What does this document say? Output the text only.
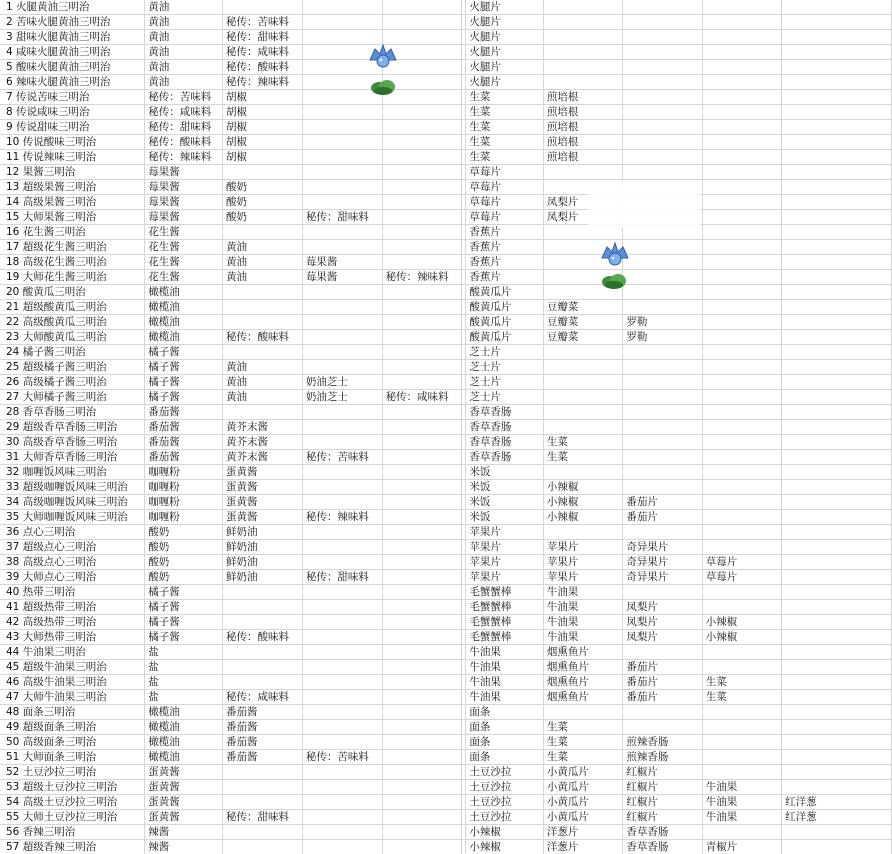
1 火腿黄油三明治	黄油					火腿片				
2 苦味火腿黄油三明治	黄油	秘传：苦味料				火腿片				
3 甜味火腿黄油三明治	黄油	秘传：甜味料				火腿片				
4 咸味火腿黄油三明治	黄油	秘传：咸味料				火腿片				
5 酸味火腿黄油三明治	黄油	秘传：酸味料				火腿片				
6 辣味火腿黄油三明治	黄油	秘传：辣味料				火腿片				
7 传说苦味三明治	秘传：苦味料	胡椒				生菜	煎培根			
8 传说咸味三明治	秘传：咸味料	胡椒				生菜	煎培根			
9 传说甜味三明治	秘传：甜味料	胡椒				生菜	煎培根			
10 传说酸味三明治	秘传：酸味料	胡椒				生菜	煎培根			
11 传说辣味三明治	秘传：辣味料	胡椒				生菜	煎培根			
12 果酱三明治	莓果酱					草莓片				
13 超级果酱三明治	莓果酱	酸奶				草莓片				
14 高级果酱三明治	莓果酱	酸奶				草莓片	凤梨片			
15 大师果酱三明治	莓果酱	酸奶	秘传：甜味料			草莓片	凤梨片			
16 花生酱三明治	花生酱					香蕉片				
17 超级花生酱三明治	花生酱	黄油				香蕉片				
18 高级花生酱三明治	花生酱	黄油	莓果酱			香蕉片				
19 大师花生酱三明治	花生酱	黄油	莓果酱	秘传：辣味料		香蕉片				
20 酸黄瓜三明治	橄榄油					酸黄瓜片				
21 超级酸黄瓜三明治	橄榄油					酸黄瓜片	豆瓣菜			
22 高级酸黄瓜三明治	橄榄油					酸黄瓜片	豆瓣菜	罗勒		
23 大师酸黄瓜三明治	橄榄油	秘传：酸味料				酸黄瓜片	豆瓣菜	罗勒		
24 橘子酱三明治	橘子酱					芝士片				
25 超级橘子酱三明治	橘子酱	黄油				芝士片				
26 高级橘子酱三明治	橘子酱	黄油	奶油芝士			芝士片				
27 大师橘子酱三明治	橘子酱	黄油	奶油芝士	秘传：咸味料		芝士片				
28 香草香肠三明治	番茄酱					香草香肠				
29 超级香草香肠三明治	番茄酱	黄芥末酱				香草香肠				
30 高级香草香肠三明治	番茄酱	黄芥末酱				香草香肠	生菜			
31 大师香草香肠三明治	番茄酱	黄芥末酱	秘传：苦味料			香草香肠	生菜			
32 咖喱饭风味三明治	咖喱粉	蛋黄酱				米饭				
33 超级咖喱饭风味三明治	咖喱粉	蛋黄酱				米饭	小辣椒			
34 高级咖喱饭风味三明治	咖喱粉	蛋黄酱				米饭	小辣椒	番茄片		
35 大师咖喱饭风味三明治	咖喱粉	蛋黄酱	秘传：辣味料			米饭	小辣椒	番茄片		
36 点心三明治	酸奶	鲜奶油				苹果片				
37 超级点心三明治	酸奶	鲜奶油				苹果片	苹果片	奇异果片		
38 高级点心三明治	酸奶	鲜奶油				苹果片	苹果片	奇异果片	草莓片	
39 大师点心三明治	酸奶	鲜奶油	秘传：甜味料			苹果片	苹果片	奇异果片	草莓片	
40 热带三明治	橘子酱					毛蟹蟹棒	牛油果			
41 超级热带三明治	橘子酱					毛蟹蟹棒	牛油果	凤梨片		
42 高级热带三明治	橘子酱					毛蟹蟹棒	牛油果	凤梨片	小辣椒	
43 大师热带三明治	橘子酱	秘传：酸味料				毛蟹蟹棒	牛油果	凤梨片	小辣椒	
44 牛油果三明治	盐					牛油果	烟熏鱼片			
45 超级牛油果三明治	盐					牛油果	烟熏鱼片	番茄片		
46 高级牛油果三明治	盐					牛油果	烟熏鱼片	番茄片	生菜	
47 大师牛油果三明治	盐	秘传：咸味料				牛油果	烟熏鱼片	番茄片	生菜	
48 面条三明治	橄榄油	番茄酱				面条				
49 超级面条三明治	橄榄油	番茄酱				面条	生菜			
50 高级面条三明治	橄榄油	番茄酱				面条	生菜	煎辣香肠		
51 大师面条三明治	橄榄油	番茄酱	秘传：苦味料			面条	生菜	煎辣香肠		
52 土豆沙拉三明治	蛋黄酱					土豆沙拉	小黄瓜片	红椒片		
53 超级土豆沙拉三明治	蛋黄酱					土豆沙拉	小黄瓜片	红椒片	牛油果	
54 高级土豆沙拉三明治	蛋黄酱					土豆沙拉	小黄瓜片	红椒片	牛油果	红洋葱
55 大师土豆沙拉三明治	蛋黄酱	秘传：甜味料				土豆沙拉	小黄瓜片	红椒片	牛油果	红洋葱
56 香辣三明治	辣酱					小辣椒	洋葱片	香草香肠		
57 超级香辣三明治	辣酱					小辣椒	洋葱片	香草香肠	青椒片	
